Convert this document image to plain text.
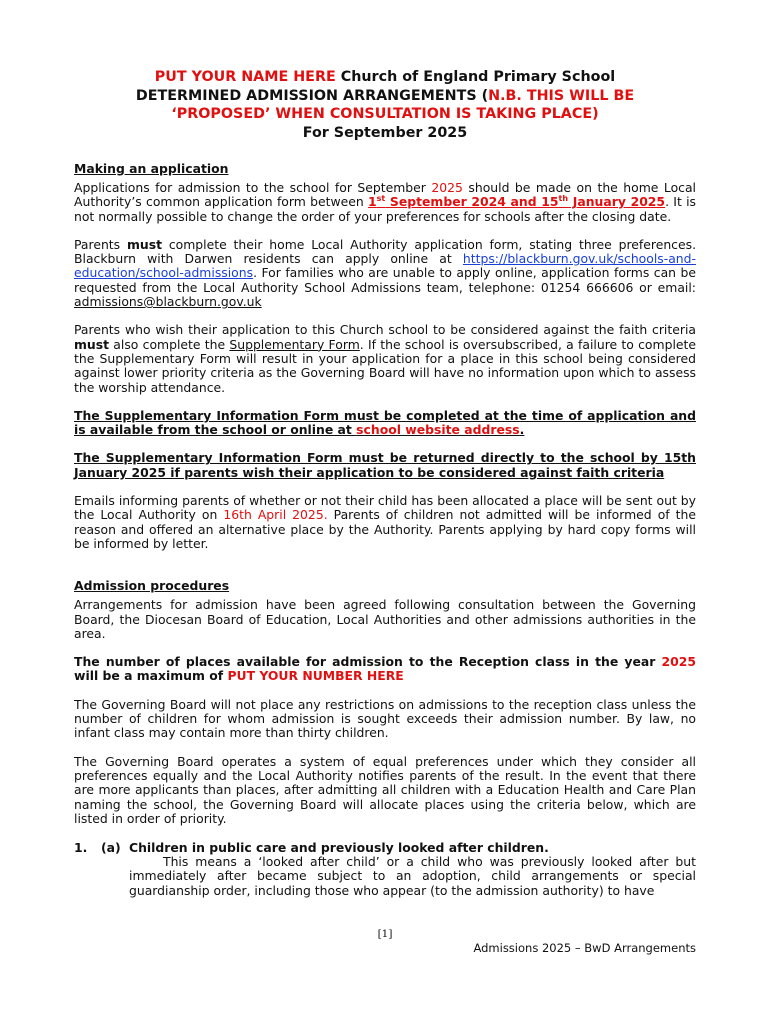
PUT YOUR NAME HERE Church of England Primary School

DETERMINED ADMISSION ARRANGEMENTS (N.B. THIS WILL BE

‘PROPOSED’ WHEN CONSULTATION IS TAKING PLACE)

For September 2025

Making an application

Applications for admission to the school for September 2025 should be made on the home Local Authority’s common application form between 1st September 2024 and 15th January 2025. It is not normally possible to change the order of your preferences for schools after the closing date.

Parents must complete their home Local Authority application form, stating three preferences. Blackburn with Darwen residents can apply online at https://blackburn.gov.uk/schools-and-education/school-admissions. For families who are unable to apply online, application forms can be requested from the Local Authority School Admissions team, telephone: 01254 666606 or email: admissions@blackburn.gov.uk

Parents who wish their application to this Church school to be considered against the faith criteria must also complete the Supplementary Form. If the school is oversubscribed, a failure to complete the Supplementary Form will result in your application for a place in this school being considered against lower priority criteria as the Governing Board will have no information upon which to assess the worship attendance.

The Supplementary Information Form must be completed at the time of application and is available from the school or online at school website address.

The Supplementary Information Form must be returned directly to the school by 15th January 2025 if parents wish their application to be considered against faith criteria

Emails informing parents of whether or not their child has been allocated a place will be sent out by the Local Authority on 16th April 2025. Parents of children not admitted will be informed of the reason and offered an alternative place by the Authority. Parents applying by hard copy forms will be informed by letter.

Admission procedures

Arrangements for admission have been agreed following consultation between the Governing Board, the Diocesan Board of Education, Local Authorities and other admissions authorities in the area.

The number of places available for admission to the Reception class in the year 2025 will be a maximum of PUT YOUR NUMBER HERE

The Governing Board will not place any restrictions on admissions to the reception class unless the number of children for whom admission is sought exceeds their admission number. By law, no infant class may contain more than thirty children.

The Governing Board operates a system of equal preferences under which they consider all preferences equally and the Local Authority notifies parents of the result. In the event that there are more applicants than places, after admitting all children with a Education Health and Care Plan naming the school, the Governing Board will allocate places using the criteria below, which are listed in order of priority.

1.	(a) Children in public care and previously looked after children.

This means a ‘looked after child’ or a child who was previously looked after but immediately after became subject to an adoption, child arrangements or special guardianship order, including those who appear (to the admission authority) to have

[1]
Admissions 2025 – BwD Arrangements
